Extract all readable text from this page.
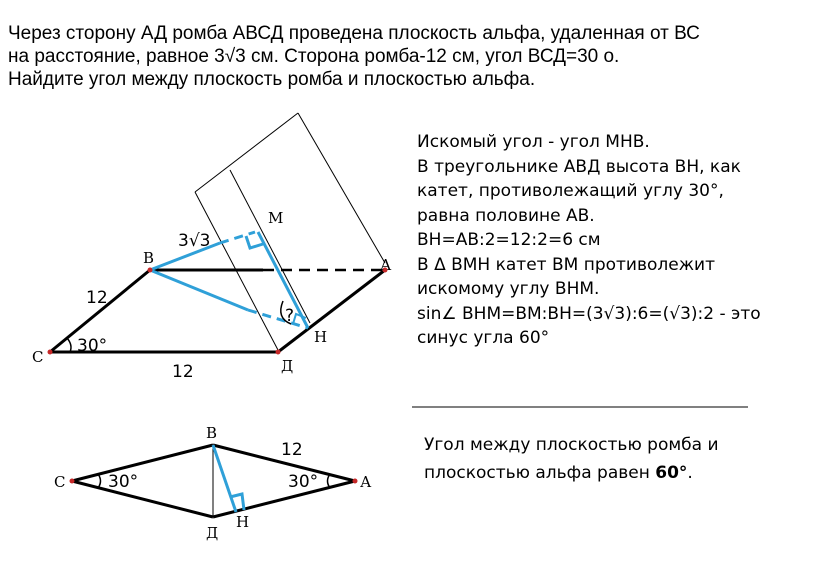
Через сторону АД ромба АВСД проведена плоскость альфа, удаленная от ВС
на расстояние, равное 3√3 см. Сторона ромба-12 см, угол ВСД=30 ο.
Найдите угол между плоскость ромба и плоскостью альфа.
В
М
А
С	Д
Н
3√3
12
12
30°
?
В
С	А
Д
Н
12
30°	30°
Искомый угол - угол МНВ.
В треугольнике АВД высота ВН, как
катет, противолежащий углу 30°,
равна половине АВ.
ВН=АВ:2=12:2=6 см
В Δ ВМН катет ВМ противолежит
искомому углу ВНМ.
sin∠ ВНМ=ВМ:ВН=(3√3):6=(√3):2 - это
синус угла 60°
Угол между плоскостью ромба и
плоскостью альфа равен 60°.
